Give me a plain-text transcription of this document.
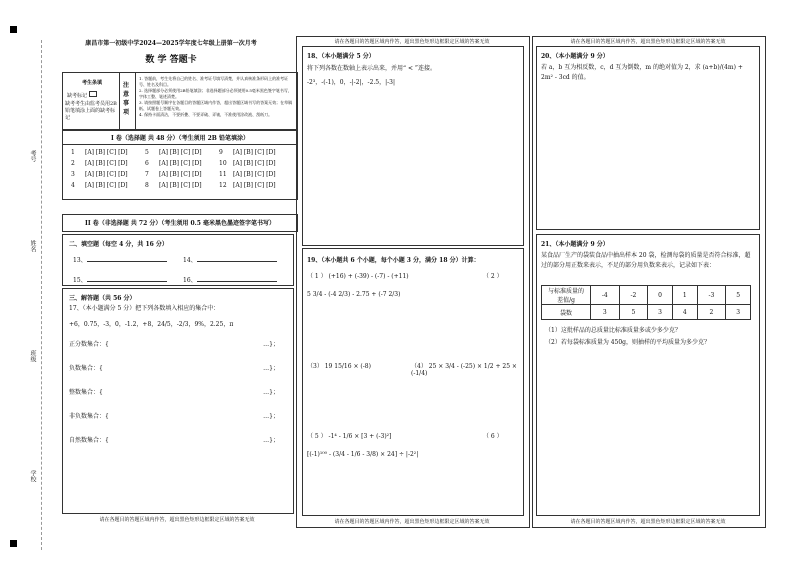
考号
姓名
班级
学校
康昌市第一初级中学2024—2025学年度七年级上册第一次月考
数 学 答题卡
考生条填
缺考标记
缺考考生由监考员用2B铅笔填涂上面的缺考标记
注意事项
1. 答题前，考生先将自己的姓名、准考证号填写清楚，并认真核准条形码上的准考证号、姓名及科目。
2. 选择题部分必须使用2B铅笔填涂；非选择题部分必须使用0.5毫米黑色签字笔书写，字体工整、笔迹清楚。
3. 请按照题号顺序在各题目的答题区域内作答，超出答题区域书写的答案无效；在草稿纸、试题卷上答题无效。
4. 保持卡面清洁，不要折叠、不要弄破、弄皱，不准使用涂改液、刮纸刀。
I 卷（选择题 共 48 分）（考生须用 2B 铅笔填涂）
1 [A] [B] [C] [D]	5 [A] [B] [C] [D]	9 [A] [B] [C] [D]
2 [A] [B] [C] [D]	6 [A] [B] [C] [D]	10 [A] [B] [C] [D]
3 [A] [B] [C] [D]	7 [A] [B] [C] [D]	11 [A] [B] [C] [D]
4 [A] [B] [C] [D]	8 [A] [B] [C] [D]	12 [A] [B] [C] [D]
II 卷（非选择题 共 72 分）（考生须用 0.5 毫米黑色墨迹签字笔书写）
二、填空题（每空 4 分，共 16 分）
13、	14、
15、	16、
三、解答题（共 56 分）
17、（本小题满分 5 分）把下列各数填入相应的集合中：
+6，0.75，-3，0，-1.2，+8，24/5，-2/3，9%，2.25，π
正分数集合：{	…}；
负数集合：{	…}；
整数集合：{	…}；
非负数集合：{	…}；
自然数集合：{	…}；
请在各题目的答题区域内作答，超出黑色矩形边框限定区域的答案无效
请在各题目的答题区域内作答，超出黑色矩形边框限定区域的答案无效
18、（本小题满分 5 分）
将下列各数在数轴上表示出来，并用“ < ”连接。
-2³，-(-1)，0，-|-2|，-2.5，|-3|
19、（本小题共 6 个小题，每个小题 3 分，满分 18 分）计算：
（ 1 ） (+16) + (-39) - (-7) - (+11)	（ 2 ）
5 3/4 - (-4 2/3) - 2.75 + (-7 2/3)
（3） 19 15/16 × (-8)	（4） 25 × 3/4 - (-25) × 1/2 + 25 × (-1/4)
（ 5 ） -1⁴ - 1/6 × [3 + (-3)²]	（ 6 ）
[(-1)¹⁰⁰ - (3/4 - 1/6 - 3/8) × 24] ÷ |-2²|
请在各题目的答题区域内作答，超出黑色矩形边框限定区域的答案无效
请在各题目的答题区域内作答，超出黑色矩形边框限定区域的答案无效
20、（本小题满分 9 分）
若 a，b 互为相反数，c，d 互为倒数，m 的绝对值为 2，求 (a+b)/(4m) + 2m² - 3cd 的值。
21、（本小题满分 9 分）
某食品厂生产的袋装食品中抽出样本 20 袋，检测每袋的质量是否符合标准，超过的部分用正数来表示，不足的部分用负数来表示，记录如下表：
与标准质量的差值/g	-4	-2	0	1	-3	5
袋数	3	5	3	4	2	3
（1）这批样品的总质量比标准质量多或少多少克？
（2）若每袋标准质量为 450g，则抽样的平均质量为多少克？
请在各题目的答题区域内作答，超出黑色矩形边框限定区域的答案无效
